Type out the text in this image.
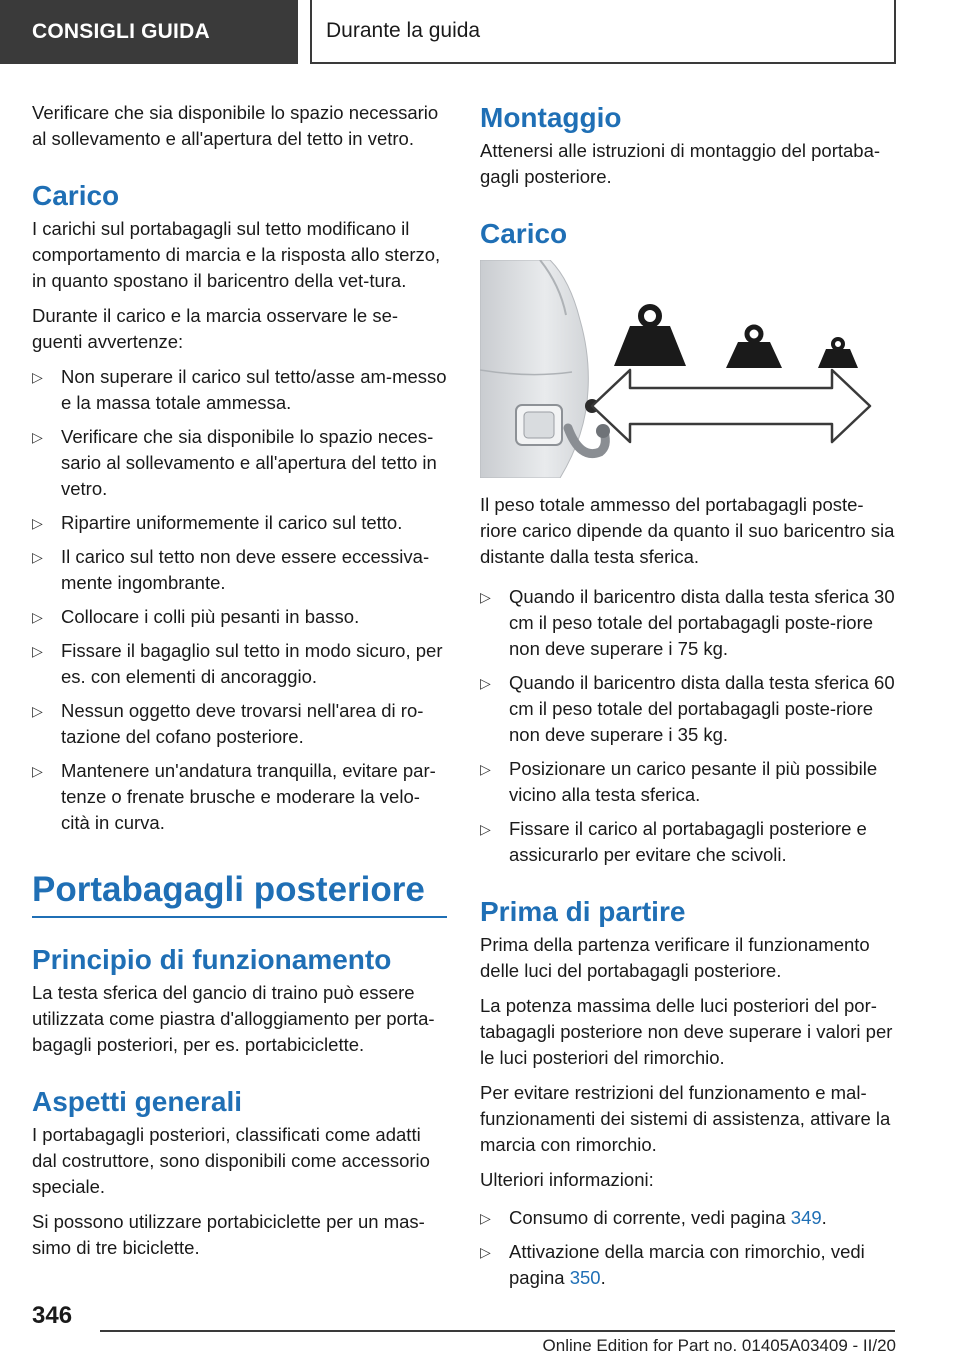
CONSIGLI GUIDA	Durante la guida

Verificare che sia disponibile lo spazio necessario al sollevamento e all'apertura del tetto in vetro.

Carico

I carichi sul portabagagli sul tetto modificano il comportamento di marcia e la risposta allo sterzo, in quanto spostano il baricentro della vet‐tura.

Durante il carico e la marcia osservare le se‐guenti avvertenze:

▷ Non superare il carico sul tetto/asse am‐messo e la massa totale ammessa.
▷ Verificare che sia disponibile lo spazio neces‐sario al sollevamento e all'apertura del tetto in vetro.
▷ Ripartire uniformemente il carico sul tetto.
▷ Il carico sul tetto non deve essere eccessiva‐mente ingombrante.
▷ Collocare i colli più pesanti in basso.
▷ Fissare il bagaglio sul tetto in modo sicuro, per es. con elementi di ancoraggio.
▷ Nessun oggetto deve trovarsi nell'area di ro‐tazione del cofano posteriore.
▷ Mantenere un'andatura tranquilla, evitare par‐tenze o frenate brusche e moderare la velo‐cità in curva.
Portabagagli posteriore
Principio di funzionamento

La testa sferica del gancio di traino può essere utilizzata come piastra d'alloggiamento per porta‐bagagli posteriori, per es. portabiciclette.

Aspetti generali

I portabagagli posteriori, classificati come adatti dal costruttore, sono disponibili come accessorio speciale.

Si possono utilizzare portabiciclette per un mas‐simo di tre biciclette.

Montaggio

Attenersi alle istruzioni di montaggio del portaba‐gagli posteriore.

Carico

Il peso totale ammesso del portabagagli poste‐riore carico dipende da quanto il suo baricentro sia distante dalla testa sferica.

▷ Quando il baricentro dista dalla testa sferica 30 cm il peso totale del portabagagli poste‐riore non deve superare i 75 kg.
▷ Quando il baricentro dista dalla testa sferica 60 cm il peso totale del portabagagli poste‐riore non deve superare i 35 kg.
▷ Posizionare un carico pesante il più possibile vicino alla testa sferica.
▷ Fissare il carico al portabagagli posteriore e assicurarlo per evitare che scivoli.
Prima di partire

Prima della partenza verificare il funzionamento delle luci del portabagagli posteriore.

La potenza massima delle luci posteriori del por‐tabagagli posteriore non deve superare i valori per le luci posteriori del rimorchio.

Per evitare restrizioni del funzionamento e mal‐funzionamenti dei sistemi di assistenza, attivare la marcia con rimorchio.

Ulteriori informazioni:

▷ Consumo di corrente, vedi pagina 349.
▷ Attivazione della marcia con rimorchio, vedi pagina 350.
346
Online Edition for Part no. 01405A03409 - II/20
